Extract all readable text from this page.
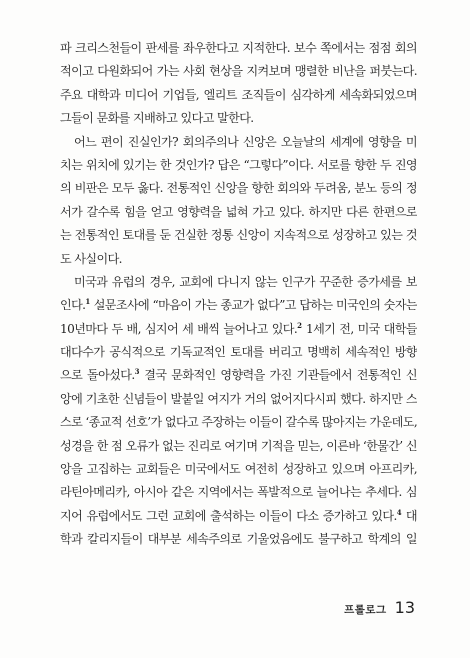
파 크리스천들이 판세를 좌우한다고 지적한다. 보수 쪽에서는 점점 회의
적이고 다원화되어 가는 사회 현상을 지켜보며 맹렬한 비난을 퍼붓는다.
주요 대학과 미디어 기업들, 엘리트 조직들이 심각하게 세속화되었으며
그들이 문화를 지배하고 있다고 말한다.
어느 편이 진실인가? 회의주의나 신앙은 오늘날의 세계에 영향을 미
치는 위치에 있기는 한 것인가? 답은 “그렇다”이다. 서로를 향한 두 진영
의 비판은 모두 옳다. 전통적인 신앙을 향한 회의와 두려움, 분노 등의 정
서가 갈수록 힘을 얻고 영향력을 넓혀 가고 있다. 하지만 다른 한편으로
는 전통적인 토대를 둔 건실한 정통 신앙이 지속적으로 성장하고 있는 것
도 사실이다.
미국과 유럽의 경우, 교회에 다니지 않는 인구가 꾸준한 증가세를 보
인다.$^1$ 설문조사에 “마음이 가는 종교가 없다”고 답하는 미국인의 숫자는
10년마다 두 배, 심지어 세 배씩 늘어나고 있다.$^2$ 1세기 전, 미국 대학들
대다수가 공식적으로 기독교적인 토대를 버리고 명백히 세속적인 방향
으로 돌아섰다.$^3$ 결국 문화적인 영향력을 가진 기관들에서 전통적인 신
앙에 기초한 신념들이 발붙일 여지가 거의 없어지다시피 했다. 하지만 스
스로 ‘종교적 선호’가 없다고 주장하는 이들이 갈수록 많아지는 가운데도,
성경을 한 점 오류가 없는 진리로 여기며 기적을 믿는, 이른바 ‘한물간’ 신
앙을 고집하는 교회들은 미국에서도 여전히 성장하고 있으며 아프리카,
라틴아메리카, 아시아 같은 지역에서는 폭발적으로 늘어나는 추세다. 심
지어 유럽에서도 그런 교회에 출석하는 이들이 다소 증가하고 있다.$^4$ 대
학과 칼리지들이 대부분 세속주의로 기울었음에도 불구하고 학계의 일
프롤로그 13
